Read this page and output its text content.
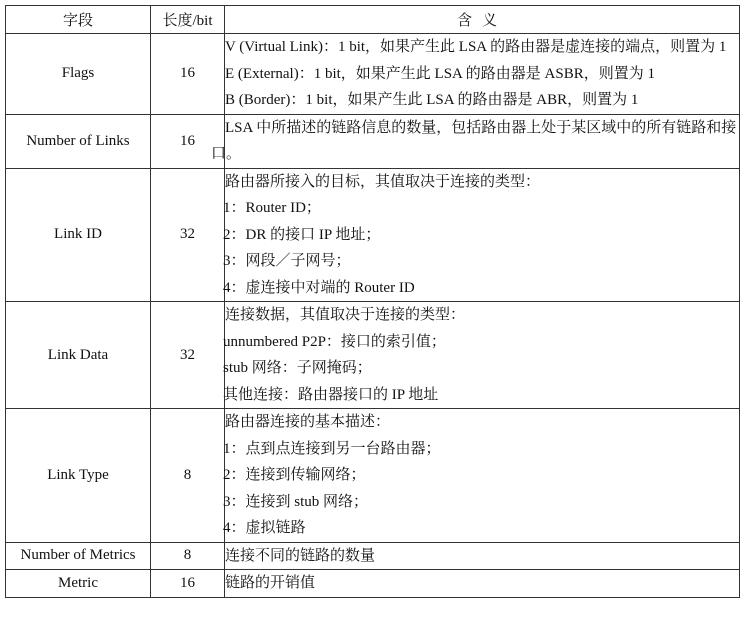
字段	长度/bit	含义
Flags	16	V (Virtual Link)：1 bit，如果产生此 LSA 的路由器是虚连接的端点，则置为 1
E (External)：1 bit，如果产生此 LSA 的路由器是 ASBR，则置为 1
B (Border)：1 bit，如果产生此 LSA 的路由器是 ABR，则置为 1

Number of Links	16	LSA 中所描述的链路信息的数量，包括路由器上处于某区域中的所有链路和接口。

Link ID	32	路由器所接入的目标，其值取决于连接的类型：
1：Router ID；
2：DR 的接口 IP 地址；
3：网段／子网号；
4：虚连接中对端的 Router ID

Link Data	32	连接数据，其值取决于连接的类型：
unnumbered P2P：接口的索引值；
stub 网络：子网掩码；
其他连接：路由器接口的 IP 地址

Link Type	8	路由器连接的基本描述：
1：点到点连接到另一台路由器；
2：连接到传输网络；
3：连接到 stub 网络；
4：虚拟链路

Number of Metrics	8	连接不同的链路的数量

Metric	16	链路的开销值
